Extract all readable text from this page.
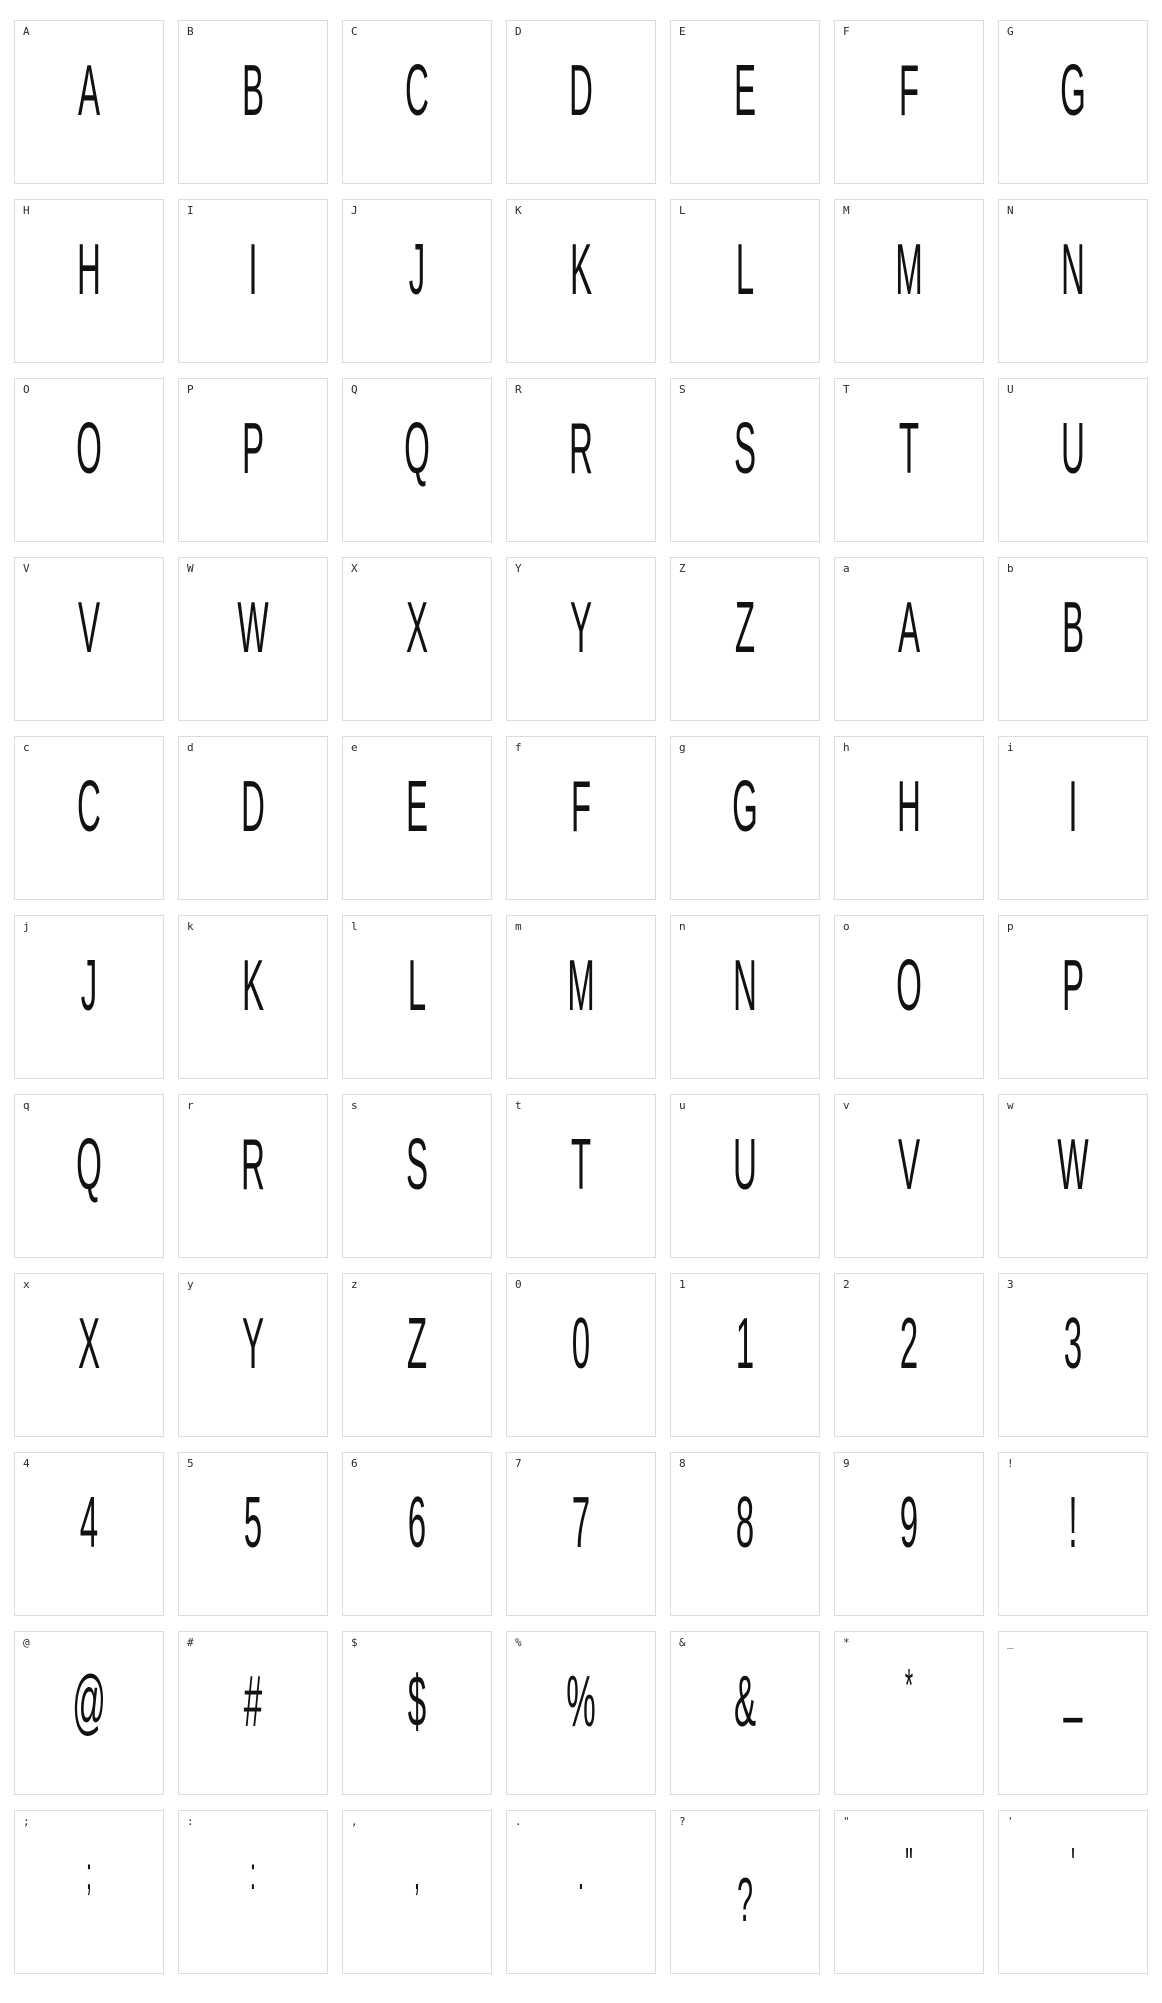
A
A
B
B
C
C
D
D
E
E
F
F
G
G
H
H
I
I
J
J
K
K
L
L
M
M
N
N
O
O
P
P
Q
Q
R
R
S
S
T
T
U
U
V
V
W
W
X
X
Y
Y
Z
Z
a
A
b
B
c
C
d
D
e
E
f
F
g
G
h
H
i
I
j
J
k
K
l
L
m
M
n
N
o
O
p
P
q
Q
r
R
s
S
t
T
u
U
v
V
w
W
x
X
y
Y
z
Z
0
0
1
1
2
2
3
3
4
4
5
5
6
6
7
7
8
8
9
9
!
!
@
@
#
#
$
$
%
%
&
&
*
*
_
_
;
;
:
:
,
,
.
.
?
?
"
"
'
'
